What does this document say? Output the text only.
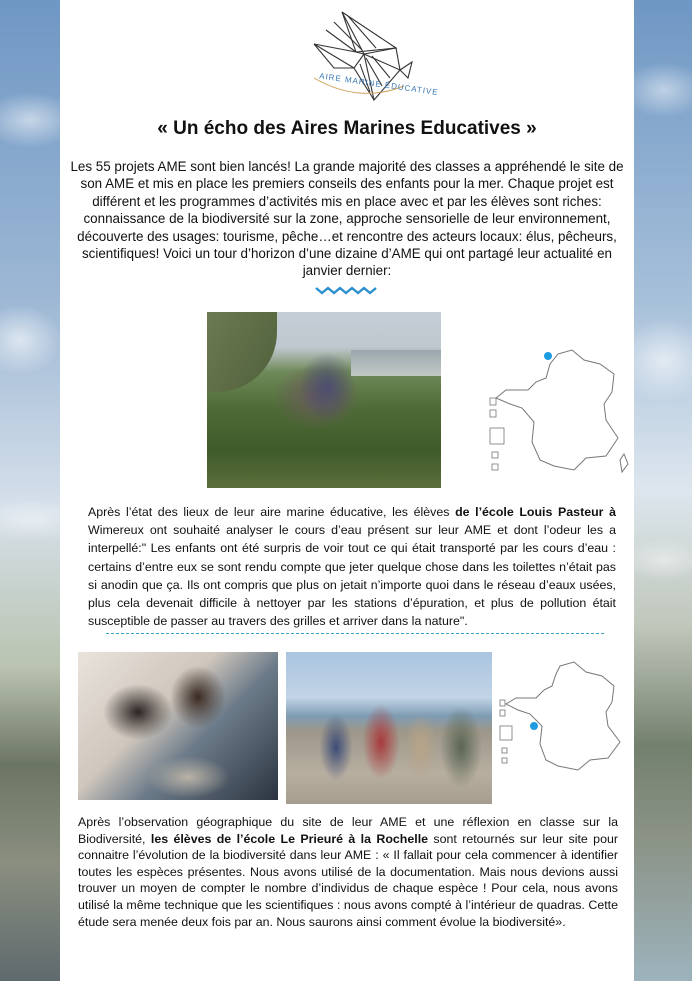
AIRE MARINE ÉDUCATIVE
« Un écho des Aires Marines Educatives »

Les 55 projets AME sont bien lancés! La grande majorité des classes a appréhendé le site de son AME et mis en place les premiers conseils des enfants pour la mer. Chaque projet est différent et les programmes d’activités mis en place avec et par les élèves sont riches: connaissance de la biodiversité sur la zone, approche sensorielle de leur environnement, découverte des usages: tourisme, pêche…et rencontre des acteurs locaux: élus, pêcheurs, scientifiques! Voici un tour d’horizon d’une dizaine d’AME qui ont partagé leur actualité en janvier dernier:

Après l’état des lieux de leur aire marine éducative, les élèves de l’école Louis Pasteur à Wimereux ont souhaité analyser le cours d’eau présent sur leur AME et dont l’odeur les a interpellé:" Les enfants ont été surpris de voir tout ce qui était transporté par les cours d’eau : certains d’entre eux se sont rendu compte que jeter quelque chose dans les toilettes n’était pas si anodin que ça. Ils ont compris que plus on jetait n’importe quoi dans le réseau d’eaux usées, plus cela devenait difficile à nettoyer par les stations d’épuration, et plus de pollution était susceptible de passer au travers des grilles et arriver dans la nature".

Après l’observation géographique du site de leur AME et une réflexion en classe sur la Biodiversité, les élèves de l’école Le Prieuré à la Rochelle sont retournés sur leur site pour connaitre l’évolution de la biodiversité dans leur AME : « Il fallait pour cela commencer à identifier toutes les espèces présentes. Nous avons utilisé de la documentation. Mais nous devions aussi trouver un moyen de compter le nombre d’individus de chaque espèce ! Pour cela, nous avons utilisé la même technique que les scientifiques : nous avons compté à l’intérieur de quadras. Cette étude sera menée deux fois par an. Nous saurons ainsi comment évolue la biodiversité».
